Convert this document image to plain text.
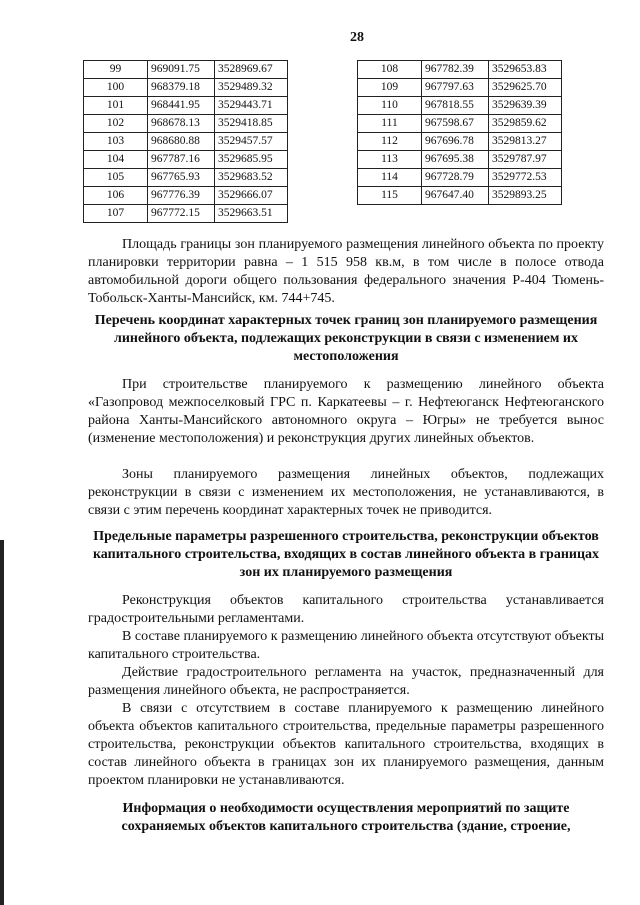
28
99	969091.75	3528969.67
100	968379.18	3529489.32
101	968441.95	3529443.71
102	968678.13	3529418.85
103	968680.88	3529457.57
104	967787.16	3529685.95
105	967765.93	3529683.52
106	967776.39	3529666.07
107	967772.15	3529663.51
108	967782.39	3529653.83
109	967797.63	3529625.70
110	967818.55	3529639.39
111	967598.67	3529859.62
112	967696.78	3529813.27
113	967695.38	3529787.97
114	967728.79	3529772.53
115	967647.40	3529893.25

Площадь границы зон планируемого размещения линейного объекта по проекту планировки территории равна – 1 515 958 кв.м, в том числе в полосе отвода автомобильной дороги общего пользования федерального значения Р-404 Тюмень-Тобольск-Ханты-Мансийск, км. 744+745.

Перечень координат характерных точек границ зон планируемого размещения линейного объекта, подлежащих реконструкции в связи с изменением их местоположения

При строительстве планируемого к размещению линейного объекта «Газопровод межпоселковый ГРС п. Каркатеевы – г. Нефтеюганск Нефтеюганского района Ханты-Мансийского автономного округа – Югры» не требуется вынос (изменение местоположения) и реконструкция других линейных объектов.

Зоны планируемого размещения линейных объектов, подлежащих реконструкции в связи с изменением их местоположения, не устанавливаются, в связи с этим перечень координат характерных точек не приводится.

Предельные параметры разрешенного строительства, реконструкции объектов капитального строительства, входящих в состав линейного объекта в границах зон их планируемого размещения

Реконструкция объектов капитального строительства устанавливается градостроительными регламентами.

В составе планируемого к размещению линейного объекта отсутствуют объекты капитального строительства.

Действие градостроительного регламента на участок, предназначенный для размещения линейного объекта, не распространяется.

В связи с отсутствием в составе планируемого к размещению линейного объекта объектов капитального строительства, предельные параметры разрешенного строительства, реконструкции объектов капитального строительства, входящих в состав линейного объекта в границах зон их планируемого размещения, данным проектом планировки не устанавливаются.

Информация о необходимости осуществления мероприятий по защите сохраняемых объектов капитального строительства (здание, строение,
